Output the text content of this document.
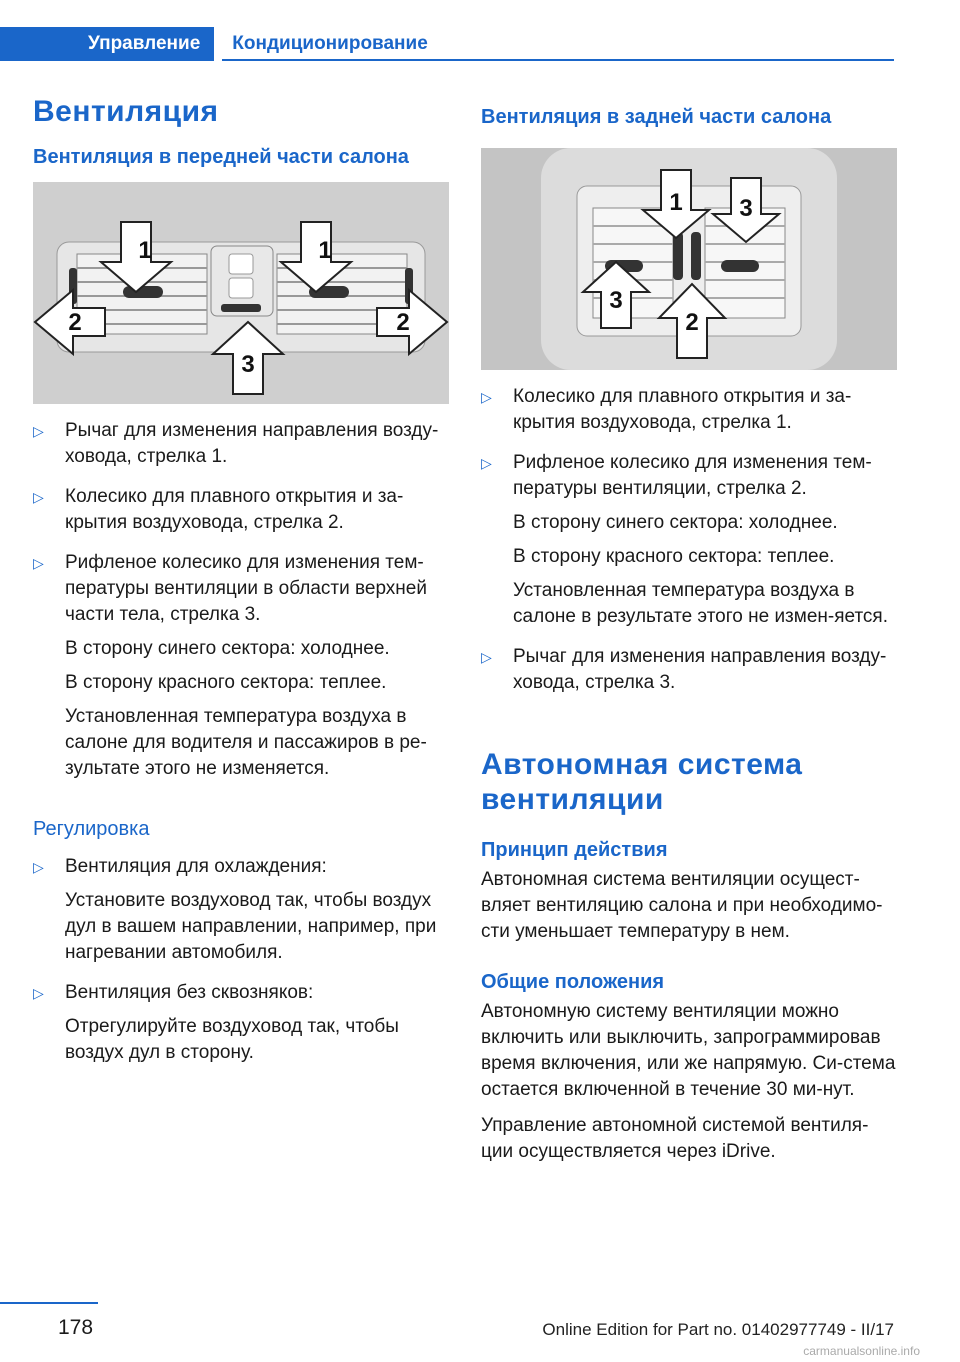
Управление	Кондиционирование
Вентиляция
Вентиляция в передней части салона
1	1
2	2
3
▷ Рычаг для изменения направления возду‐ховода, стрелка 1.

▷ Колесико для плавного открытия и за‐крытия воздуховода, стрелка 2.

▷ Рифленое колесико для изменения тем‐пературы вентиляции в области верхней части тела, стрелка 3.

В сторону синего сектора: холоднее.

В сторону красного сектора: теплее.

Установленная температура воздуха в салоне для водителя и пассажиров в ре‐зультате этого не изменяется.

Регулировка
▷ Вентиляция для охлаждения:

Установите воздуховод так, чтобы воздух дул в вашем направлении, например, при нагревании автомобиля.

▷ Вентиляция без сквозняков:

Отрегулируйте воздуховод так, чтобы воздух дул в сторону.

Вентиляция в задней части салона
1
2
3
3
▷ Колесико для плавного открытия и за‐крытия воздуховода, стрелка 1.

▷ Рифленое колесико для изменения тем‐пературы вентиляции, стрелка 2.

В сторону синего сектора: холоднее.

В сторону красного сектора: теплее.

Установленная температура воздуха в салоне в результате этого не измен‐яется.

▷ Рычаг для изменения направления возду‐ховода, стрелка 3.

Автономная система вентиляции
Принцип действия

Автономная система вентиляции осущест‐вляет вентиляцию салона и при необходимо‐сти уменьшает температуру в нем.

Общие положения

Автономную систему вентиляции можно включить или выключить, запрограммировав время включения, или же напрямую. Си‐стема остается включенной в течение 30 ми‐нут.

Управление автономной системой вентиля‐ции осуществляется через iDrive.

178	Online Edition for Part no. 01402977749 - II/17
carmanualsonline.info
